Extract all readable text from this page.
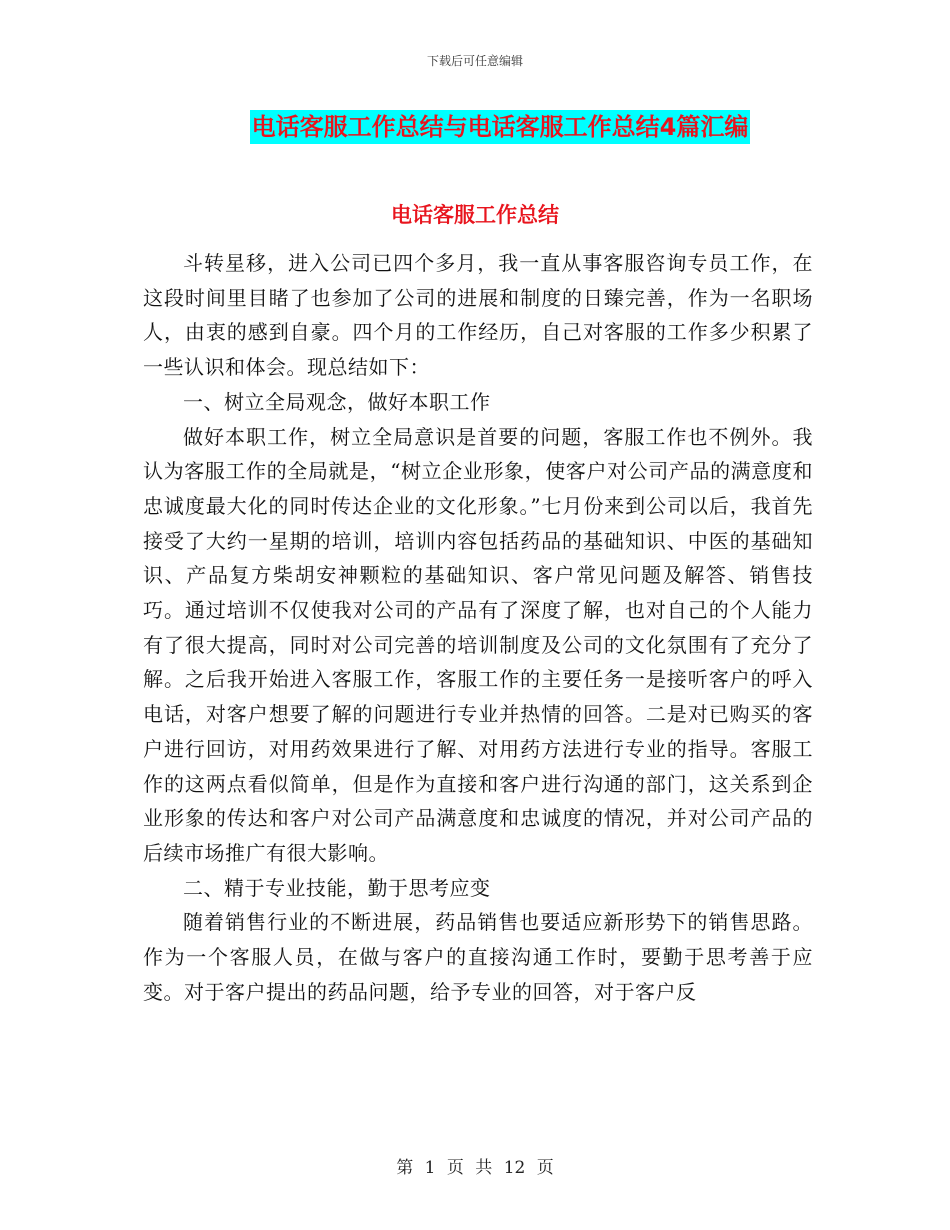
下载后可任意编辑
电话客服工作总结与电话客服工作总结4篇汇编
电话客服工作总结

斗转星移，进入公司已四个多月，我一直从事客服咨询专员工作，在这段时间里目睹了也参加了公司的进展和制度的日臻完善，作为一名职场人，由衷的感到自豪。四个月的工作经历，自己对客服的工作多少积累了一些认识和体会。现总结如下：

一、树立全局观念，做好本职工作

做好本职工作，树立全局意识是首要的问题，客服工作也不例外。我认为客服工作的全局就是，“树立企业形象，使客户对公司产品的满意度和忠诚度最大化的同时传达企业的文化形象。”七月份来到公司以后，我首先接受了大约一星期的培训，培训内容包括药品的基础知识、中医的基础知识、产品复方柴胡安神颗粒的基础知识、客户常见问题及解答、销售技巧。通过培训不仅使我对公司的产品有了深度了解，也对自己的个人能力有了很大提高，同时对公司完善的培训制度及公司的文化氛围有了充分了解。之后我开始进入客服工作，客服工作的主要任务一是接听客户的呼入电话，对客户想要了解的问题进行专业并热情的回答。二是对已购买的客户进行回访，对用药效果进行了解、对用药方法进行专业的指导。客服工作的这两点看似简单，但是作为直接和客户进行沟通的部门，这关系到企业形象的传达和客户对公司产品满意度和忠诚度的情况，并对公司产品的后续市场推广有很大影响。

二、精于专业技能，勤于思考应变

随着销售行业的不断进展，药品销售也要适应新形势下的销售思路。作为一个客服人员，在做与客户的直接沟通工作时，要勤于思考善于应变。对于客户提出的药品问题，给予专业的回答，对于客户反

第 1 页 共 12 页
